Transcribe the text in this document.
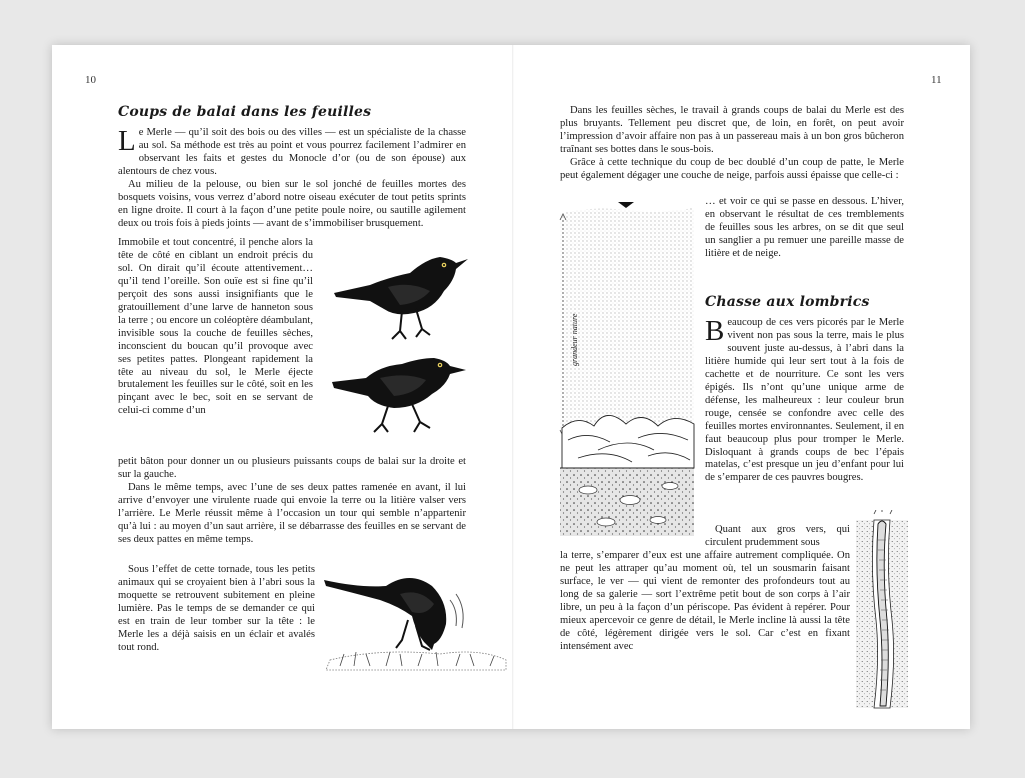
10
Coups de balai dans les feuilles

Le Merle — qu’il soit des bois ou des villes — est un spécialiste de la chasse au sol. Sa méthode est très au point et vous pourrez facilement l’admirer en observant les faits et gestes du Monocle d’or (ou de son épouse) aux alentours de chez vous.

Au milieu de la pelouse, ou bien sur le sol jonché de feuilles mortes des bosquets voisins, vous verrez d’abord notre oiseau exécuter de tout petits sprints en ligne droite. Il court à la façon d’une petite poule noire, ou sautille agilement deux ou trois fois à pieds joints — avant de s’immobiliser brusquement.

Immobile et tout concentré, il penche alors la tête de côté en ciblant un endroit précis du sol. On dirait qu’il écoute attentivement… qu’il tend l’oreille. Son ouïe est si fine qu’il perçoit des sons aussi insignifiants que le gratouillement d’une larve de hanneton sous la terre ; ou encore un coléoptère déambulant, invisible sous la couche de feuilles sèches, inconscient du boucan qu’il provoque avec ses petites pattes. Plongeant rapidement la tête au niveau du sol, le Merle éjecte brutalement les feuilles sur le côté, soit en les pinçant avec le bec, soit en se servant de celui-ci comme d’un

petit bâton pour donner un ou plusieurs puissants coups de balai sur la droite et sur la gauche.

Dans le même temps, avec l’une de ses deux pattes ramenée en avant, il lui arrive d’envoyer une virulente ruade qui envoie la terre ou la litière valser vers l’arrière. Le Merle réussit même à l’occasion un tour qui semble n’appartenir qu’à lui : au moyen d’un saut arrière, il se débarrasse des feuilles en se servant de ses deux pattes en même temps.

Sous l’effet de cette tornade, tous les petits animaux qui se croyaient bien à l’abri sous la moquette se retrouvent subitement en pleine lumière. Pas le temps de se demander ce qui est en train de leur tomber sur la tête : le Merle les a déjà saisis en un éclair et avalés tout rond.

11

Dans les feuilles sèches, le travail à grands coups de balai du Merle est des plus bruyants. Tellement peu discret que, de loin, en forêt, on peut avoir l’impression d’avoir affaire non pas à un passereau mais à un bon gros bûcheron traînant ses bottes dans le sous-bois.

Grâce à cette technique du coup de bec doublé d’un coup de patte, le Merle peut également dégager une couche de neige, parfois aussi épaisse que celle-ci :

grandeur nature

… et voir ce qui se passe en dessous. L’hiver, en observant le résultat de ces tremblements de feuilles sous les arbres, on se dit que seul un sanglier a pu remuer une pareille masse de litière et de neige.

Chasse aux lombrics

Beaucoup de ces vers picorés par le Merle vivent non pas sous la terre, mais le plus souvent juste au-dessus, à l’abri dans la litière humide qui leur sert tout à la fois de cachette et de nourriture. Ce sont les vers épigés. Ils n’ont qu’une unique arme de défense, les malheureux : leur couleur brun rouge, censée se confondre avec celle des feuilles mortes environnantes. Seulement, il en faut beaucoup plus pour tromper le Merle. Disloquant à grands coups de bec l’épais matelas, c’est presque un jeu d’enfant pour lui de s’emparer de ces pauvres bougres.

Quant aux gros vers, qui circulent prudemment sous

la terre, s’emparer d’eux est une affaire autrement compliquée. On ne peut les attraper qu’au moment où, tel un sousmarin faisant surface, le ver — qui vient de remonter des profondeurs tout au long de sa galerie — sort l’extrême petit bout de son corps à l’air libre, un peu à la façon d’un périscope. Pas évident à repérer. Pour mieux apercevoir ce genre de détail, le Merle incline là aussi la tête de côté, légèrement dirigée vers le sol. Car c’est en fixant intensément avec
